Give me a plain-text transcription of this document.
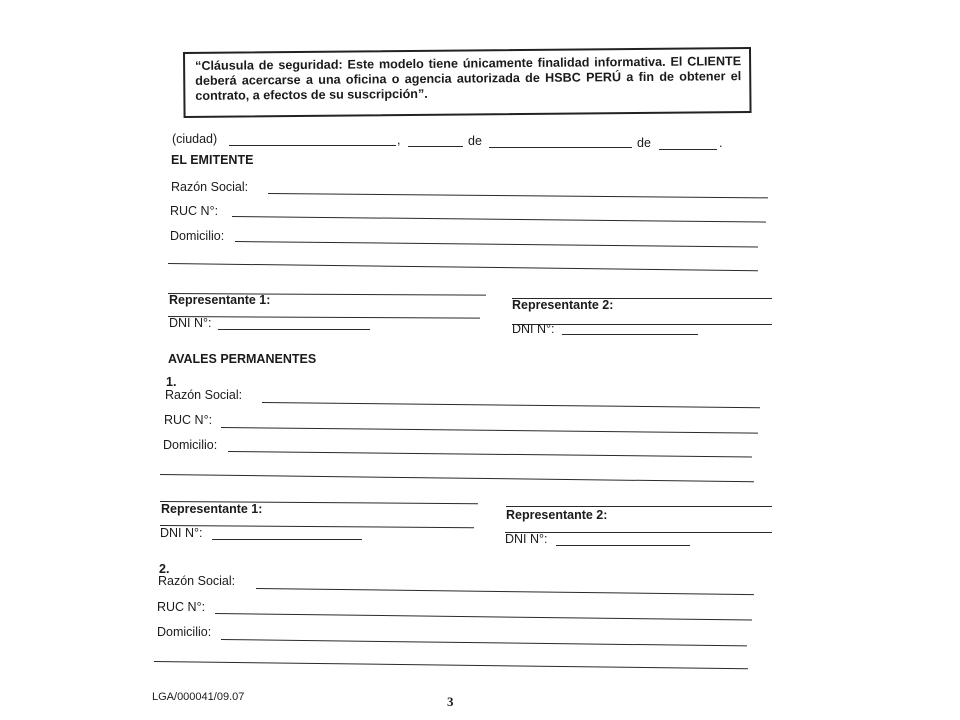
“Cláusula de seguridad: Este modelo tiene únicamente finalidad informativa. El CLIENTE deberá acercarse a una oficina o agencia autorizada de HSBC PERÚ a fin de obtener el contrato, a efectos de su suscripción”.
(ciudad)	,	de	de	.
EL EMITENTE
Razón Social:
RUC N°:
Domicilio:
Representante 1:	Representante 2:
DNI N°:	DNI N°:
AVALES PERMANENTES
1.
Razón Social:
RUC N°:
Domicilio:
Representante 1:	Representante 2:
DNI N°:	DNI N°:
2.
Razón Social:
RUC N°:
Domicilio:
LGA/000041/09.07	3
